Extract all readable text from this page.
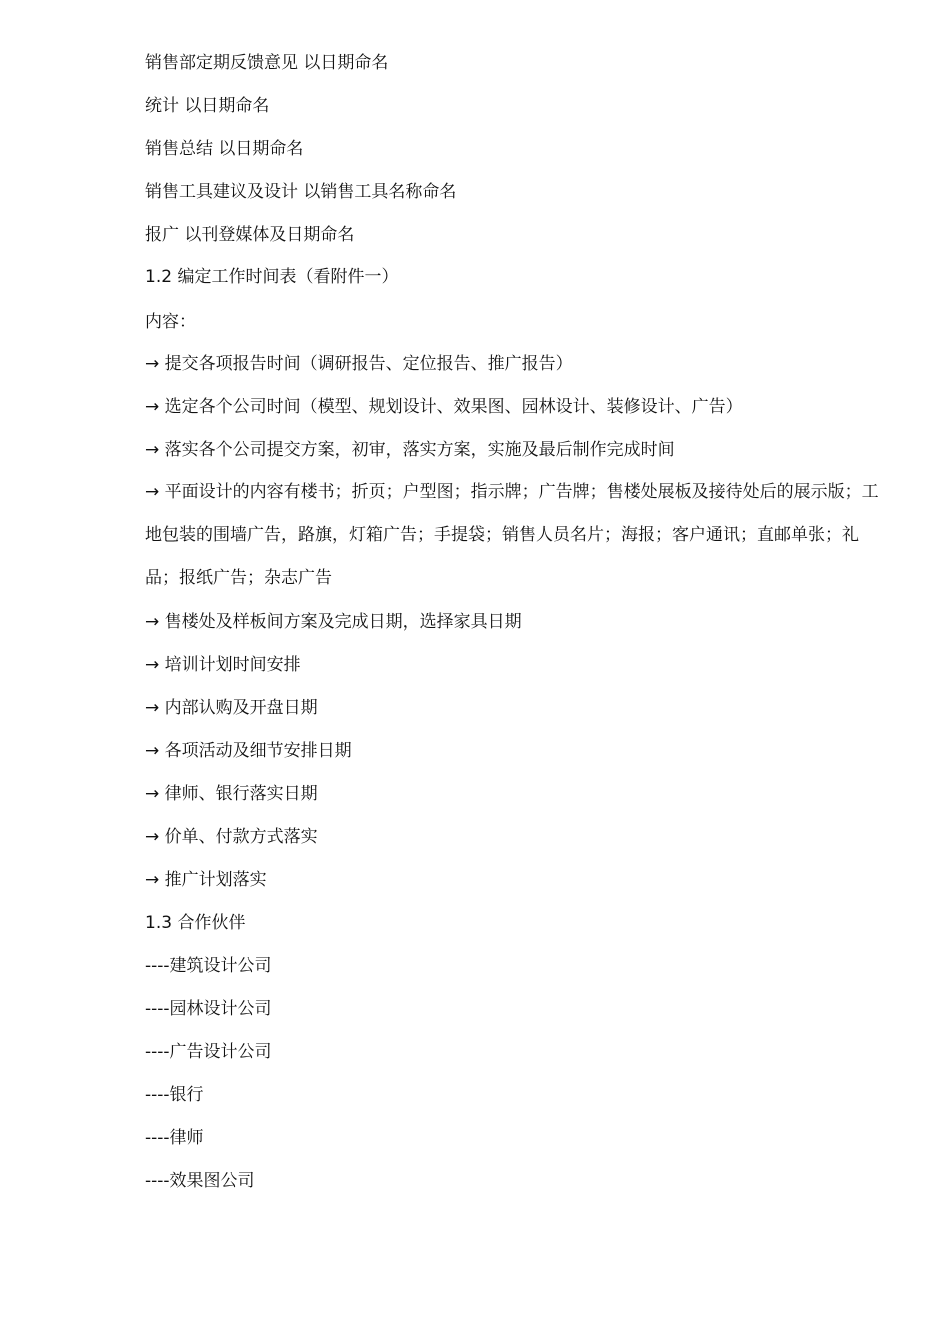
销售部定期反馈意见 以日期命名
统计 以日期命名
销售总结 以日期命名
销售工具建议及设计 以销售工具名称命名
报广 以刊登媒体及日期命名
1.2 编定工作时间表（看附件一）
内容：
→ 提交各项报告时间（调研报告、定位报告、推广报告）
→ 选定各个公司时间（模型、规划设计、效果图、园林设计、装修设计、广告）
→ 落实各个公司提交方案，初审，落实方案，实施及最后制作完成时间
→ 平面设计的内容有楼书；折页；户型图；指示牌；广告牌；售楼处展板及接待处后的展示版；工地包装的围墙广告，路旗，灯箱广告；手提袋；销售人员名片；海报；客户通讯；直邮单张；礼品；报纸广告；杂志广告
→ 售楼处及样板间方案及完成日期，选择家具日期
→ 培训计划时间安排
→ 内部认购及开盘日期
→ 各项活动及细节安排日期
→ 律师、银行落实日期
→ 价单、付款方式落实
→ 推广计划落实
1.3 合作伙伴
----建筑设计公司
----园林设计公司
----广告设计公司
----银行
----律师
----效果图公司
